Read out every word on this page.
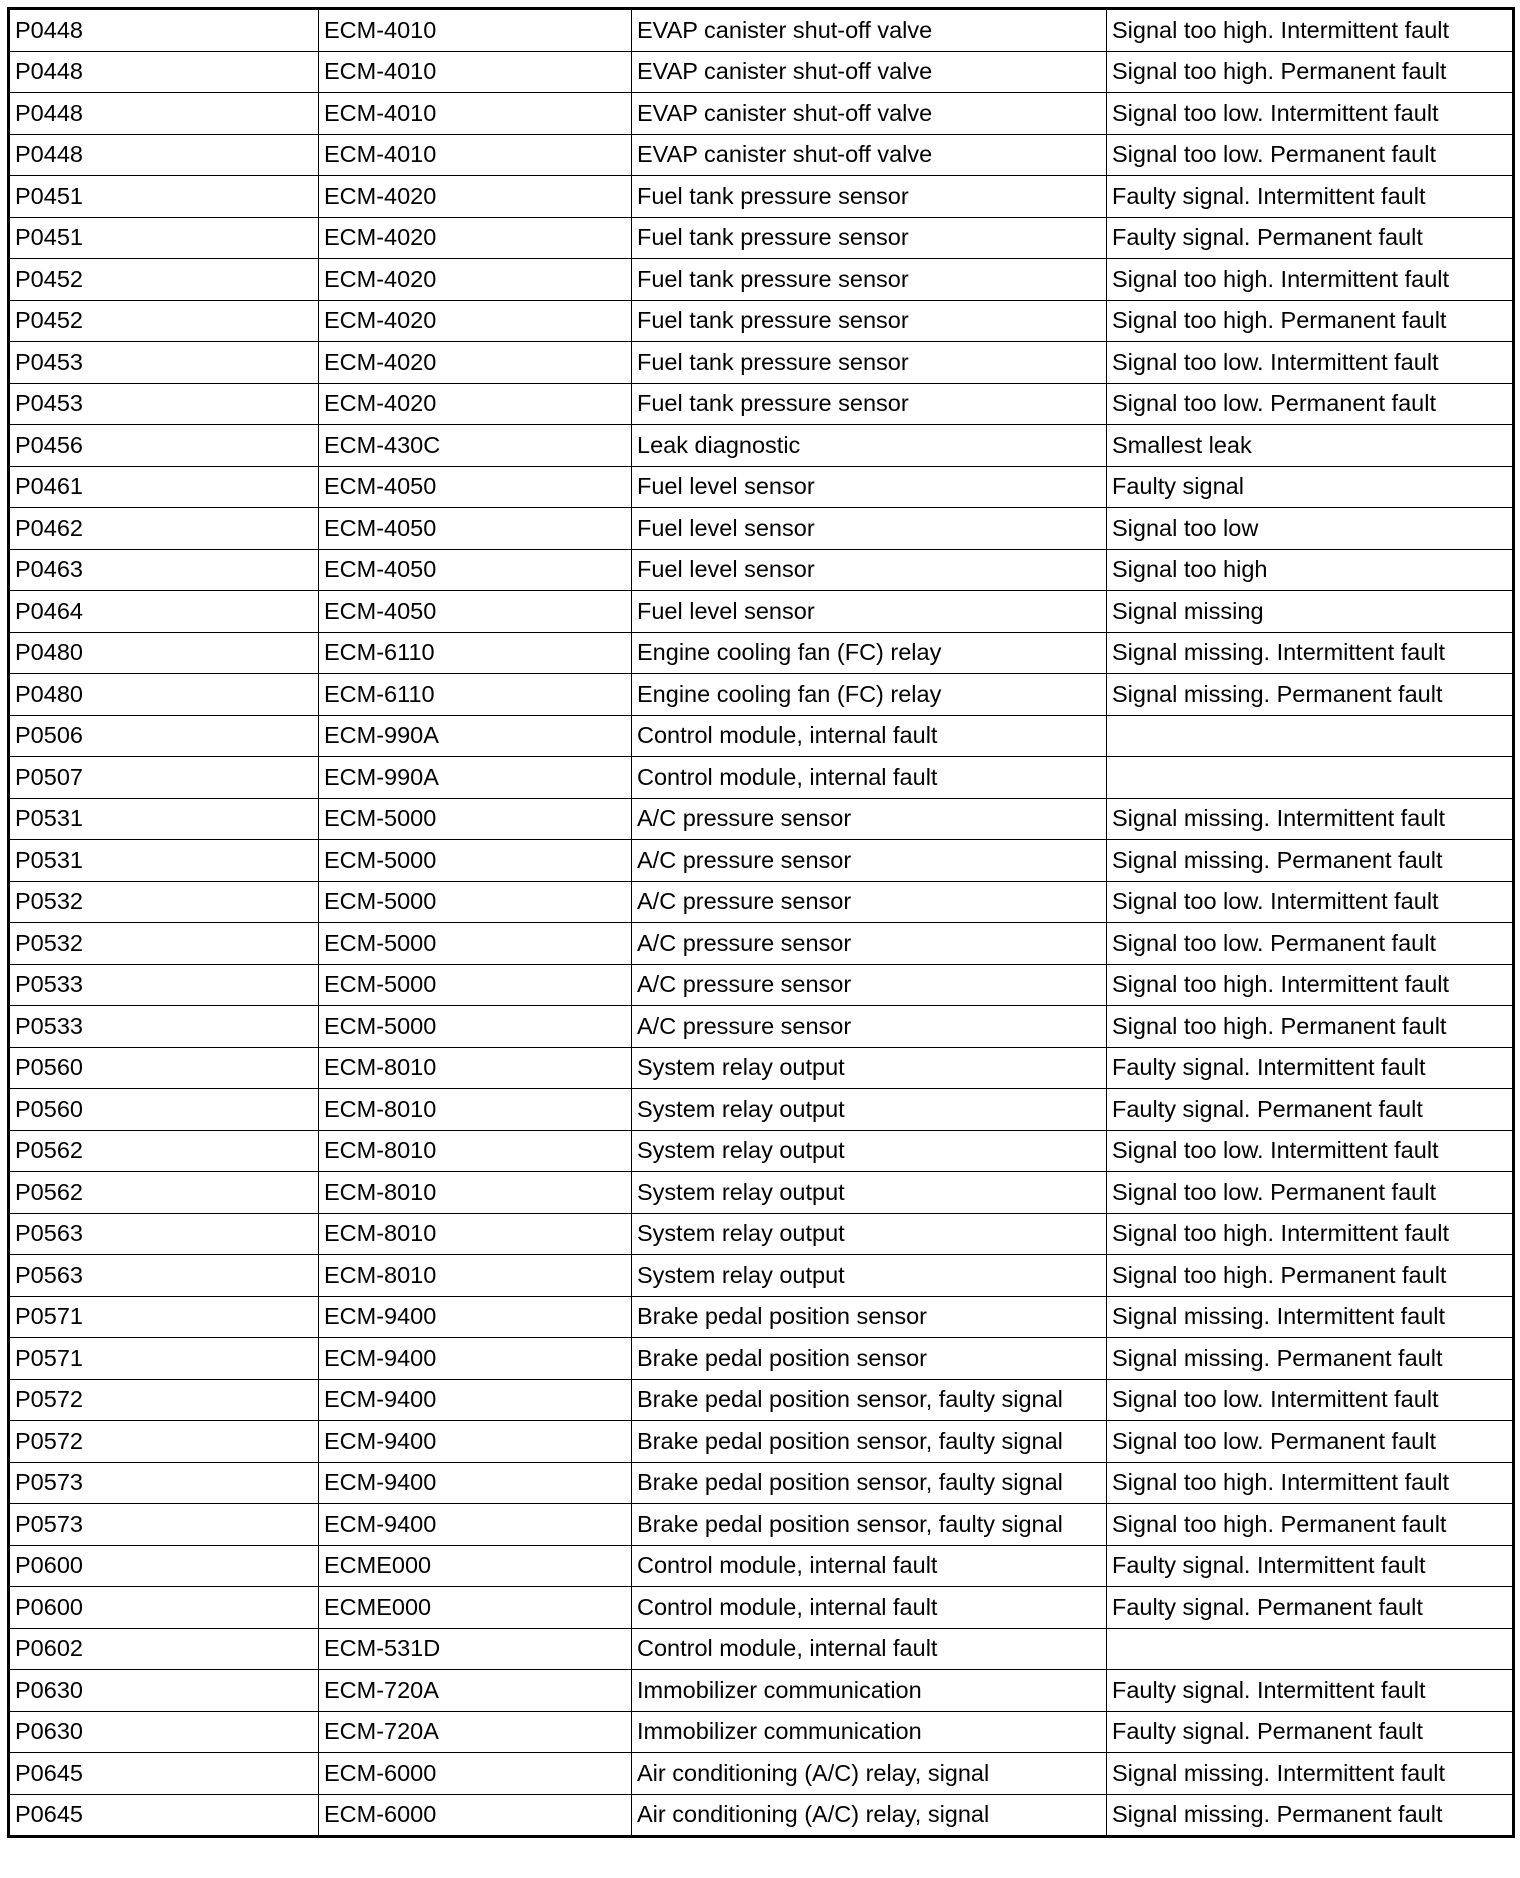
P0448	ECM-4010	EVAP canister shut-off valve	Signal too high. Intermittent fault
P0448	ECM-4010	EVAP canister shut-off valve	Signal too high. Permanent fault
P0448	ECM-4010	EVAP canister shut-off valve	Signal too low. Intermittent fault
P0448	ECM-4010	EVAP canister shut-off valve	Signal too low. Permanent fault
P0451	ECM-4020	Fuel tank pressure sensor	Faulty signal. Intermittent fault
P0451	ECM-4020	Fuel tank pressure sensor	Faulty signal. Permanent fault
P0452	ECM-4020	Fuel tank pressure sensor	Signal too high. Intermittent fault
P0452	ECM-4020	Fuel tank pressure sensor	Signal too high. Permanent fault
P0453	ECM-4020	Fuel tank pressure sensor	Signal too low. Intermittent fault
P0453	ECM-4020	Fuel tank pressure sensor	Signal too low. Permanent fault
P0456	ECM-430C	Leak diagnostic	Smallest leak
P0461	ECM-4050	Fuel level sensor	Faulty signal
P0462	ECM-4050	Fuel level sensor	Signal too low
P0463	ECM-4050	Fuel level sensor	Signal too high
P0464	ECM-4050	Fuel level sensor	Signal missing
P0480	ECM-6110	Engine cooling fan (FC) relay	Signal missing. Intermittent fault
P0480	ECM-6110	Engine cooling fan (FC) relay	Signal missing. Permanent fault
P0506	ECM-990A	Control module, internal fault	
P0507	ECM-990A	Control module, internal fault	
P0531	ECM-5000	A/C pressure sensor	Signal missing. Intermittent fault
P0531	ECM-5000	A/C pressure sensor	Signal missing. Permanent fault
P0532	ECM-5000	A/C pressure sensor	Signal too low. Intermittent fault
P0532	ECM-5000	A/C pressure sensor	Signal too low. Permanent fault
P0533	ECM-5000	A/C pressure sensor	Signal too high. Intermittent fault
P0533	ECM-5000	A/C pressure sensor	Signal too high. Permanent fault
P0560	ECM-8010	System relay output	Faulty signal. Intermittent fault
P0560	ECM-8010	System relay output	Faulty signal. Permanent fault
P0562	ECM-8010	System relay output	Signal too low. Intermittent fault
P0562	ECM-8010	System relay output	Signal too low. Permanent fault
P0563	ECM-8010	System relay output	Signal too high. Intermittent fault
P0563	ECM-8010	System relay output	Signal too high. Permanent fault
P0571	ECM-9400	Brake pedal position sensor	Signal missing. Intermittent fault
P0571	ECM-9400	Brake pedal position sensor	Signal missing. Permanent fault
P0572	ECM-9400	Brake pedal position sensor, faulty signal	Signal too low. Intermittent fault
P0572	ECM-9400	Brake pedal position sensor, faulty signal	Signal too low. Permanent fault
P0573	ECM-9400	Brake pedal position sensor, faulty signal	Signal too high. Intermittent fault
P0573	ECM-9400	Brake pedal position sensor, faulty signal	Signal too high. Permanent fault
P0600	ECME000	Control module, internal fault	Faulty signal. Intermittent fault
P0600	ECME000	Control module, internal fault	Faulty signal. Permanent fault
P0602	ECM-531D	Control module, internal fault	
P0630	ECM-720A	Immobilizer communication	Faulty signal. Intermittent fault
P0630	ECM-720A	Immobilizer communication	Faulty signal. Permanent fault
P0645	ECM-6000	Air conditioning (A/C) relay, signal	Signal missing. Intermittent fault
P0645	ECM-6000	Air conditioning (A/C) relay, signal	Signal missing. Permanent fault
